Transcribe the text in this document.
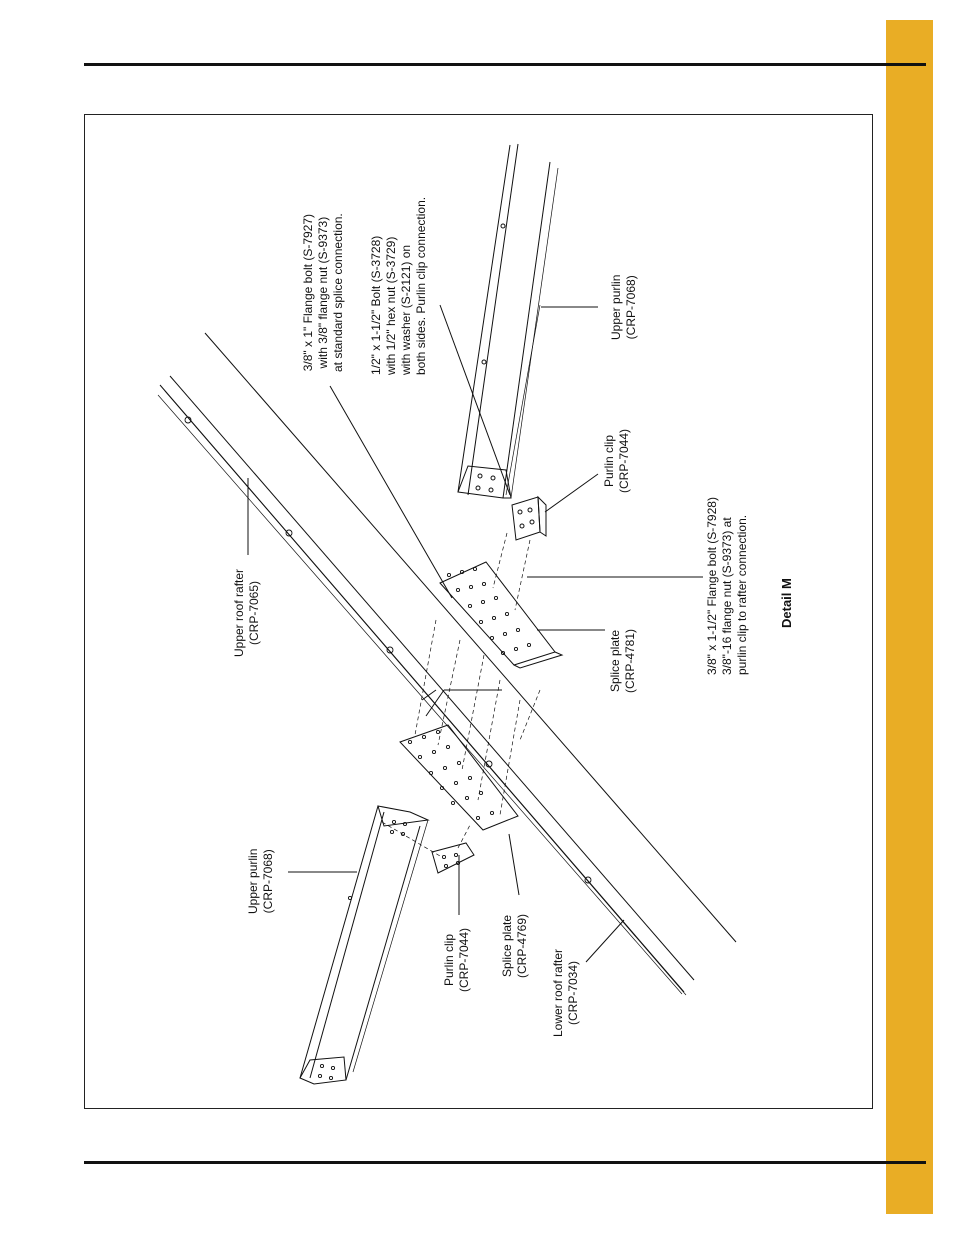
3/8" x 1" Flange bolt (S-7927) with 3/8" flange nut (S-9373) at standard splice connection. 1/2" x 1-1/2" Bolt (S-3728) with 1/2" hex nut (S-3729) with washer (S-2121) on both sides. Purlin clip connection.	Upper purlin (CRP-7068)
Purlin clip (CRP-7044)
3/8" x 1-1/2" Flange bolt (S-7928) 3/8"-16 flange nut (S-9373) at purlin clip to rafter connection. Detail M
Upper roof rafter (CRP-7065)
Splice plate (CRP-4781)
Upper purlin (CRP-7068)
Purlin clip (CRP-7044) Splice plate (CRP-4769)
Lower roof rafter (CRP-7034)
